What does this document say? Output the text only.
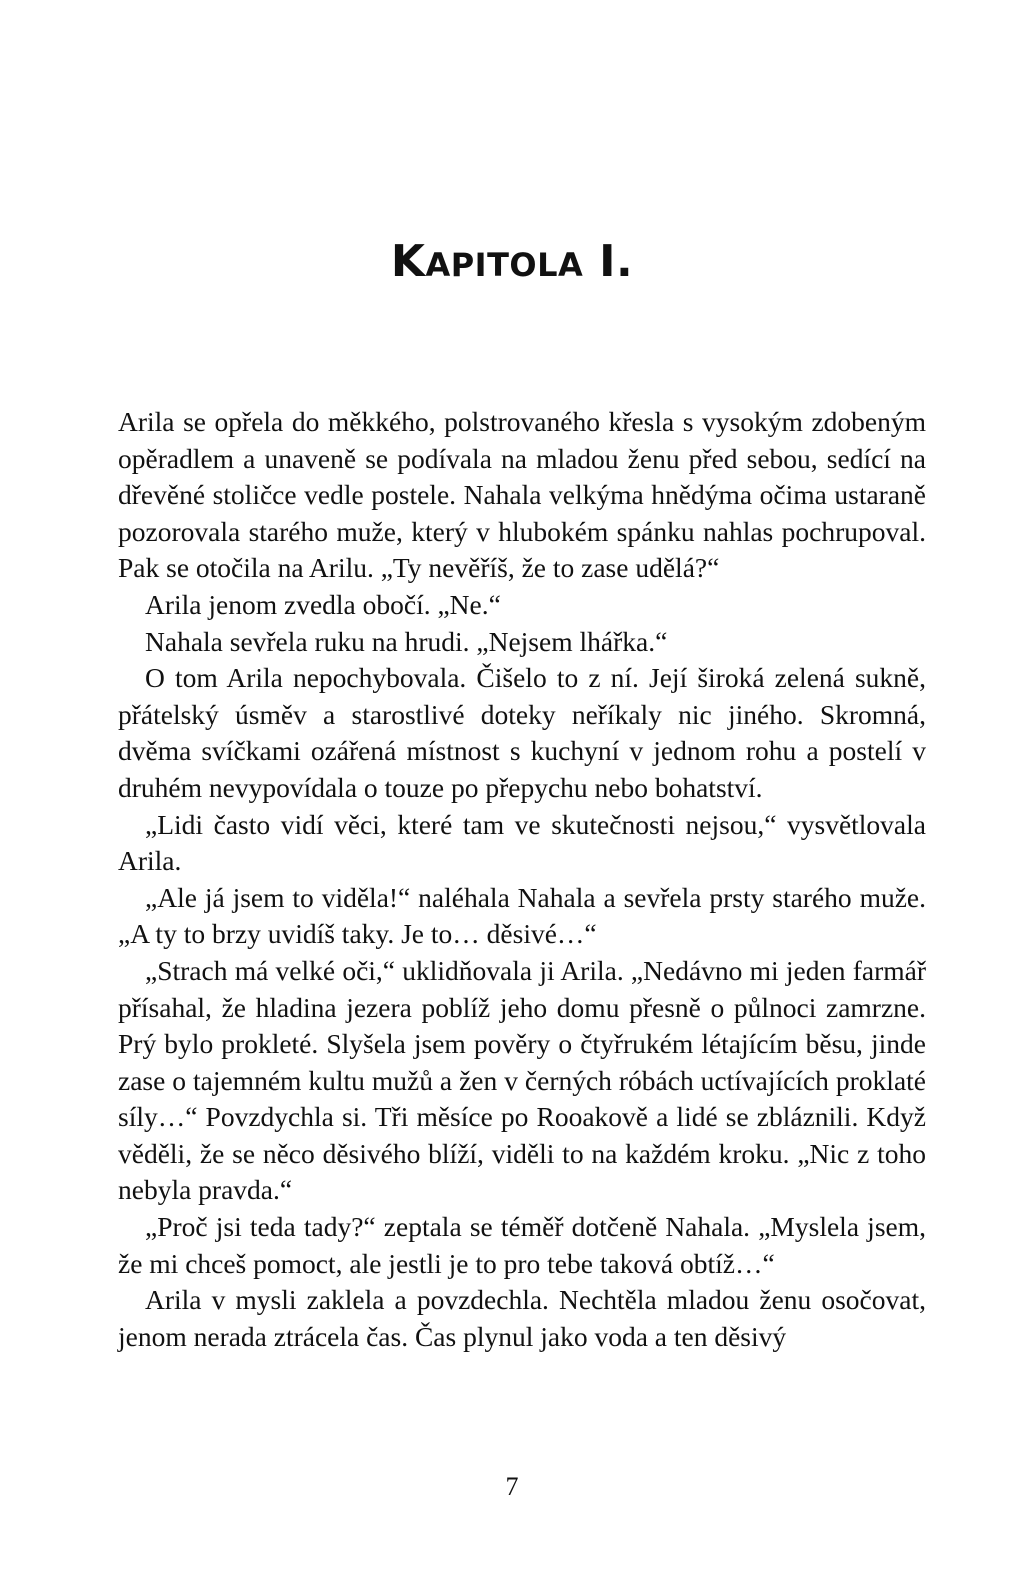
KAPITOLA I.

Arila se opřela do měkkého, polstrovaného křesla s vysokým zdobeným opěradlem a unaveně se podívala na mladou ženu před sebou, sedící na dřevěné stoličce vedle postele. Nahala velkýma hnědýma očima ustaraně pozorovala starého muže, který v hlubokém spánku nahlas pochrupoval. Pak se otočila na Arilu. „Ty nevěříš, že to zase udělá?“

Arila jenom zvedla obočí. „Ne.“

Nahala sevřela ruku na hrudi. „Nejsem lhářka.“

O tom Arila nepochybovala. Čišelo to z ní. Její široká zelená sukně, přátelský úsměv a starostlivé doteky neříkaly nic jiného. Skromná, dvěma svíčkami ozářená místnost s kuchyní v jednom rohu a postelí v druhém nevypovídala o touze po přepychu nebo bohatství.

„Lidi často vidí věci, které tam ve skutečnosti nejsou,“ vysvětlovala Arila.

„Ale já jsem to viděla!“ naléhala Nahala a sevřela prsty starého muže. „A ty to brzy uvidíš taky. Je to… děsivé…“

„Strach má velké oči,“ uklidňovala ji Arila. „Nedávno mi jeden farmář přísahal, že hladina jezera poblíž jeho domu přesně o půlnoci zamrzne. Prý bylo prokleté. Slyšela jsem pověry o čtyřrukém létajícím běsu, jinde zase o tajemném kultu mužů a žen v černých róbách uctívajících proklaté síly…“ Povzdychla si. Tři měsíce po Rooakově a lidé se zbláznili. Když věděli, že se něco děsivého blíží, viděli to na každém kroku. „Nic z toho nebyla pravda.“

„Proč jsi teda tady?“ zeptala se téměř dotčeně Nahala. „Myslela jsem, že mi chceš pomoct, ale jestli je to pro tebe taková obtíž…“

Arila v mysli zaklela a povzdechla. Nechtěla mladou ženu osočovat, jenom nerada ztrácela čas. Čas plynul jako voda a ten děsivý

7
